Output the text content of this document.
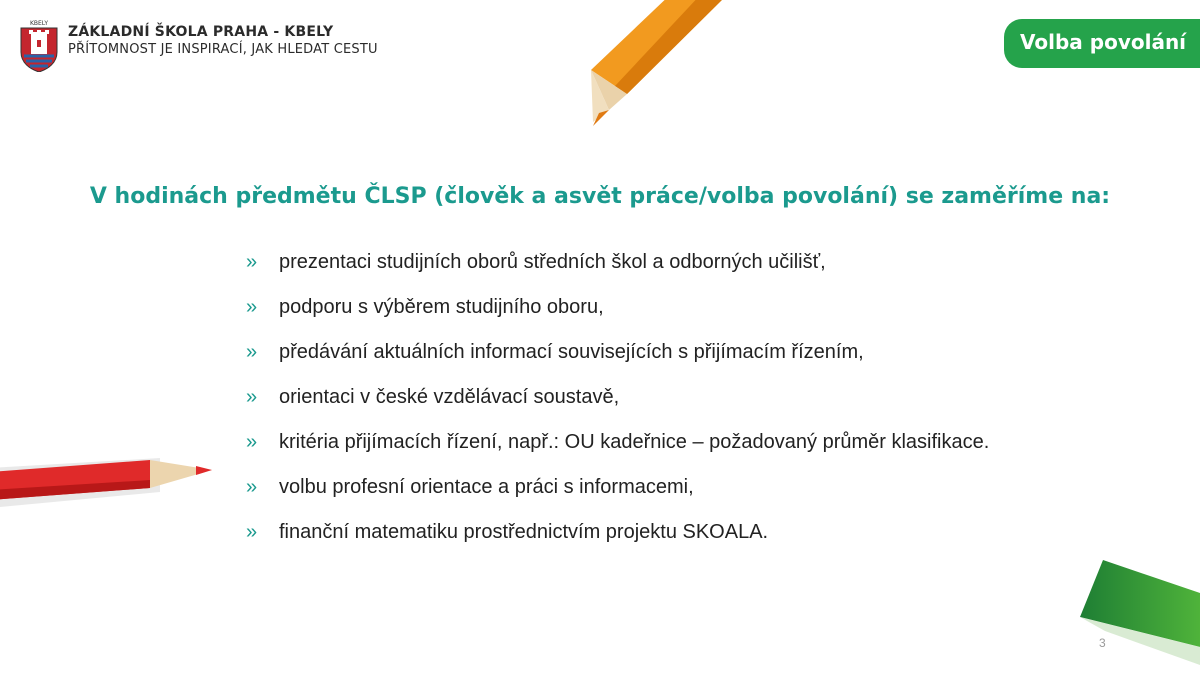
KBELY
ZÁKLADNÍ ŠKOLA PRAHA - KBELY
PŘÍTOMNOST JE INSPIRACÍ, JAK HLEDAT CESTU	Volba povolání
V hodinách předmětu ČLSP (člověk a asvět práce/volba povolání) se zaměříme na:
»	prezentaci studijních oborů středních škol a odborných učilišť,
»	podporu s výběrem studijního oboru,
»	předávání aktuálních informací souvisejících s přijímacím řízením,
»	orientaci v české vzdělávací soustavě,
»	kritéria přijímacích řízení, např.: OU kadeřnice – požadovaný průměr klasifikace.
»	volbu profesní orientace a práci s informacemi,
»	finanční matematiku prostřednictvím projektu SKOALA.
3
